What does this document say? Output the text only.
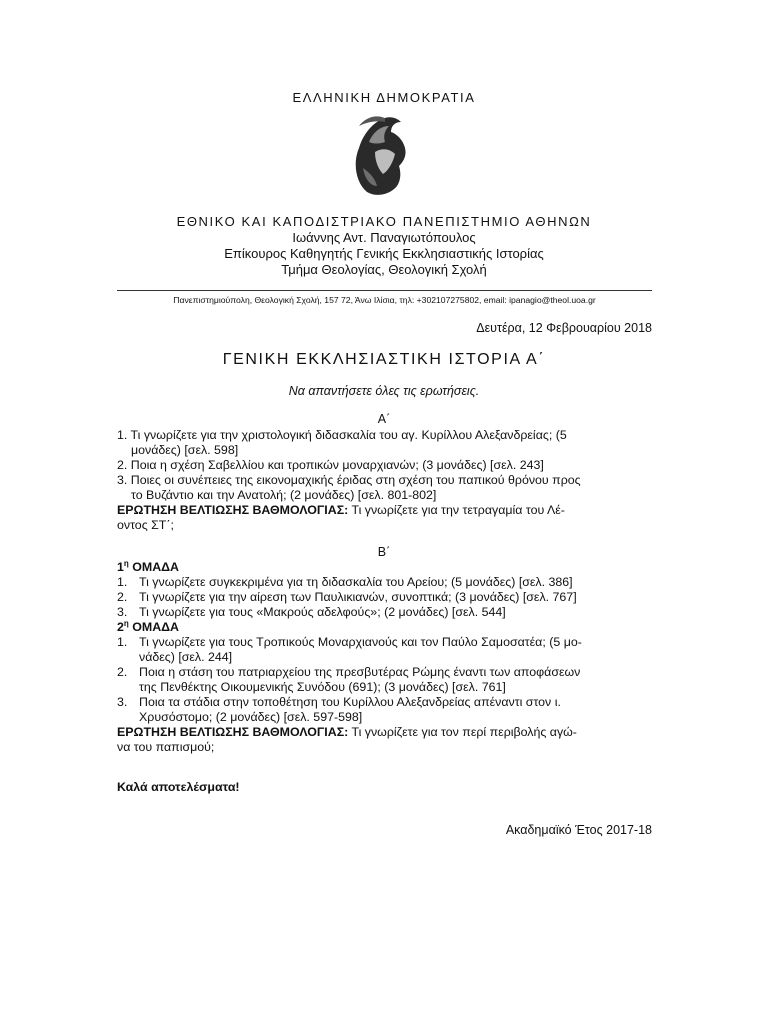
ΕΛΛΗΝΙΚΗ ΔΗΜΟΚΡΑΤΙΑ
ΕΘΝΙΚΟ ΚΑΙ ΚΑΠΟΔΙΣΤΡΙΑΚΟ ΠΑΝΕΠΙΣΤΗΜΙΟ ΑΘΗΝΩΝ
Ιωάννης Αντ. Παναγιωτόπουλος
Επίκουρος Καθηγητής Γενικής Εκκλησιαστικής Ιστορίας
Τμήμα Θεολογίας, Θεολογική Σχολή
Πανεπιστημιούπολη, Θεολογική Σχολή, 157 72, Άνω Ιλίσια, τηλ: +302107275802, email: ipanagio@theol.uoa.gr
Δευτέρα, 12 Φεβρουαρίου 2018
ΓΕΝΙΚΗ ΕΚΚΛΗΣΙΑΣΤΙΚΗ ΙΣΤΟΡΙΑ Α΄
Να απαντήσετε όλες τις ερωτήσεις.
Α΄
1. Τι γνωρίζετε για την χριστολογική διδασκαλία του αγ. Κυρίλλου Αλεξανδρείας; (5
μονάδες) [σελ. 598]
2. Ποια η σχέση Σαβελλίου και τροπικών μοναρχιανών; (3 μονάδες) [σελ. 243]
3. Ποιες οι συνέπειες της εικονομαχικής έριδας στη σχέση του παπικού θρόνου προς
το Βυζάντιο και την Ανατολή; (2 μονάδες) [σελ. 801-802]
ΕΡΩΤΗΣΗ ΒΕΛΤΙΩΣΗΣ ΒΑΘΜΟΛΟΓΙΑΣ: Τι γνωρίζετε για την τετραγαμία του Λέ-
οντος ΣΤ΄;
Β΄
$1^\eta$ ΟΜΑΔΑ
1. Τι γνωρίζετε συγκεκριμένα για τη διδασκαλία του Αρείου; (5 μονάδες) [σελ. 386]
2. Τι γνωρίζετε για την αίρεση των Παυλικιανών, συνοπτικά; (3 μονάδες) [σελ. 767]
3. Τι γνωρίζετε για τους «Μακρούς αδελφούς»; (2 μονάδες) [σελ. 544]
$2^\eta$ ΟΜΑΔΑ
1. Τι γνωρίζετε για τους Τροπικούς Μοναρχιανούς και τον Παύλο Σαμοσατέα; (5 μο-
νάδες) [σελ. 244]
2. Ποια η στάση του πατριαρχείου της πρεσβυτέρας Ρώμης έναντι των αποφάσεων
της Πενθέκτης Οικουμενικής Συνόδου (691); (3 μονάδες) [σελ. 761]
3. Ποια τα στάδια στην τοποθέτηση του Κυρίλλου Αλεξανδρείας απέναντι στον ι.
Χρυσόστομο; (2 μονάδες) [σελ. 597-598]
ΕΡΩΤΗΣΗ ΒΕΛΤΙΩΣΗΣ ΒΑΘΜΟΛΟΓΙΑΣ: Τι γνωρίζετε για τον περί περιβολής αγώ-
να του παπισμού;
Καλά αποτελέσματα!
Ακαδημαϊκό Έτος 2017-18
